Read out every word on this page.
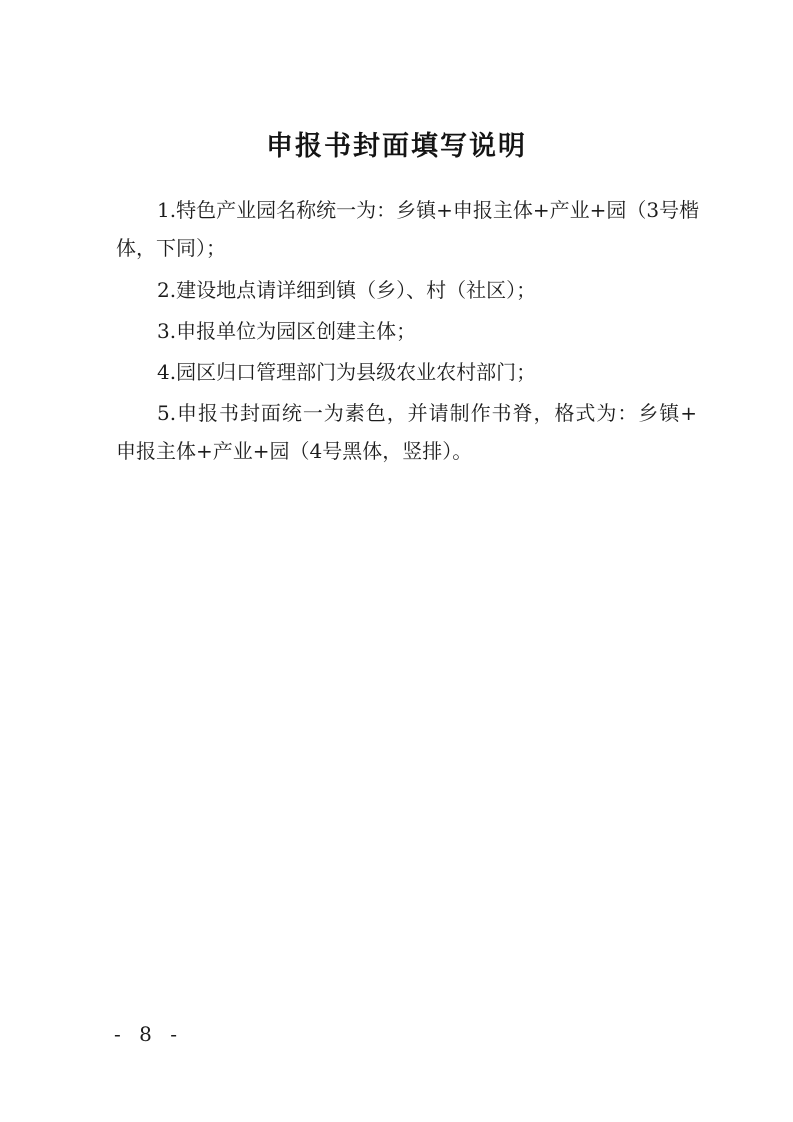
申报书封面填写说明
1.特色产业园名称统一为：乡镇+申报主体+产业+园（3号楷
体，下同）；
2.建设地点请详细到镇（乡）、村（社区）；
3.申报单位为园区创建主体；
4.园区归口管理部门为县级农业农村部门；
5.申报书封面统一为素色，并请制作书脊，格式为：乡镇+
申报主体+产业+园（4号黑体，竖排）。
- 8 -
